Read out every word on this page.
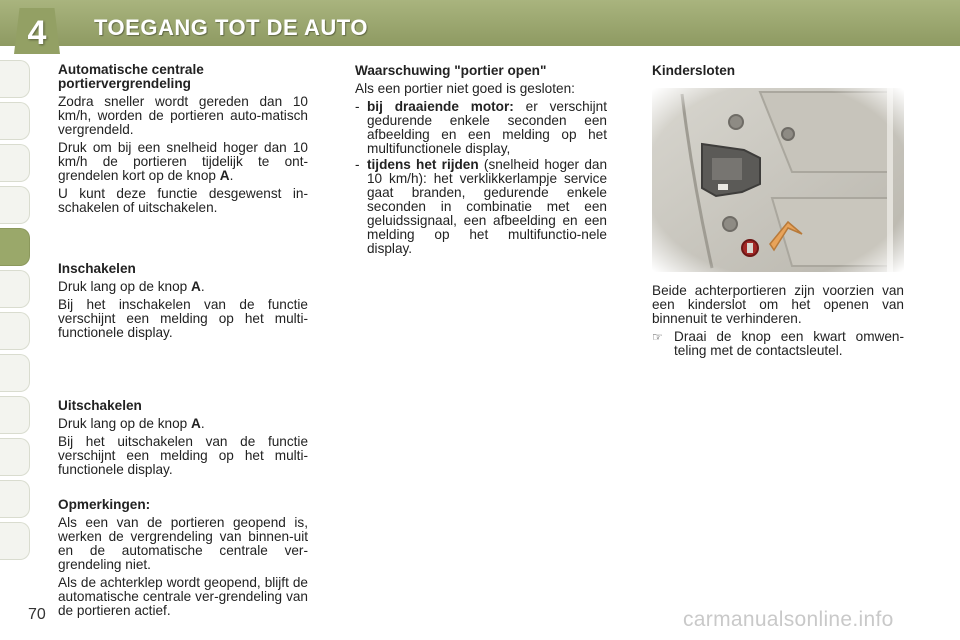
4	TOEGANG TOT DE AUTO
Automatische centrale portiervergrendeling

Zodra sneller wordt gereden dan 10 km/h, worden de portieren auto-matisch vergrendeld.

Druk om bij een snelheid hoger dan 10 km/h de portieren tijdelijk te ont-grendelen kort op de knop A.

U kunt deze functie desgewenst in-schakelen of uitschakelen.

Inschakelen

Druk lang op de knop A.

Bij het inschakelen van de functie verschijnt een melding op het multi-functionele display.

Uitschakelen

Druk lang op de knop A.

Bij het uitschakelen van de functie verschijnt een melding op het multi-functionele display.

Opmerkingen:

Als een van de portieren geopend is, werken de vergrendeling van binnen-uit en de automatische centrale ver-grendeling niet.

Als de achterklep wordt geopend, blijft de automatische centrale ver-grendeling van de portieren actief.

Waarschuwing "portier open"

Als een portier niet goed is gesloten:

- bij draaiende motor: er verschijnt gedurende enkele seconden een afbeelding en een melding op het multifunctionele display,
- tijdens het rijden (snelheid hoger dan 10 km/h): het verklikkerlampje service gaat branden, gedurende enkele seconden in combinatie met een geluidssignaal, een afbeelding en een melding op het multifunctio-nele display.
Kindersloten

Beide achterportieren zijn voorzien van een kinderslot om het openen van binnenuit te verhinderen.

☞ Draai de knop een kwart omwen-teling met de contactsleutel.
70	carmanualsonline.info
